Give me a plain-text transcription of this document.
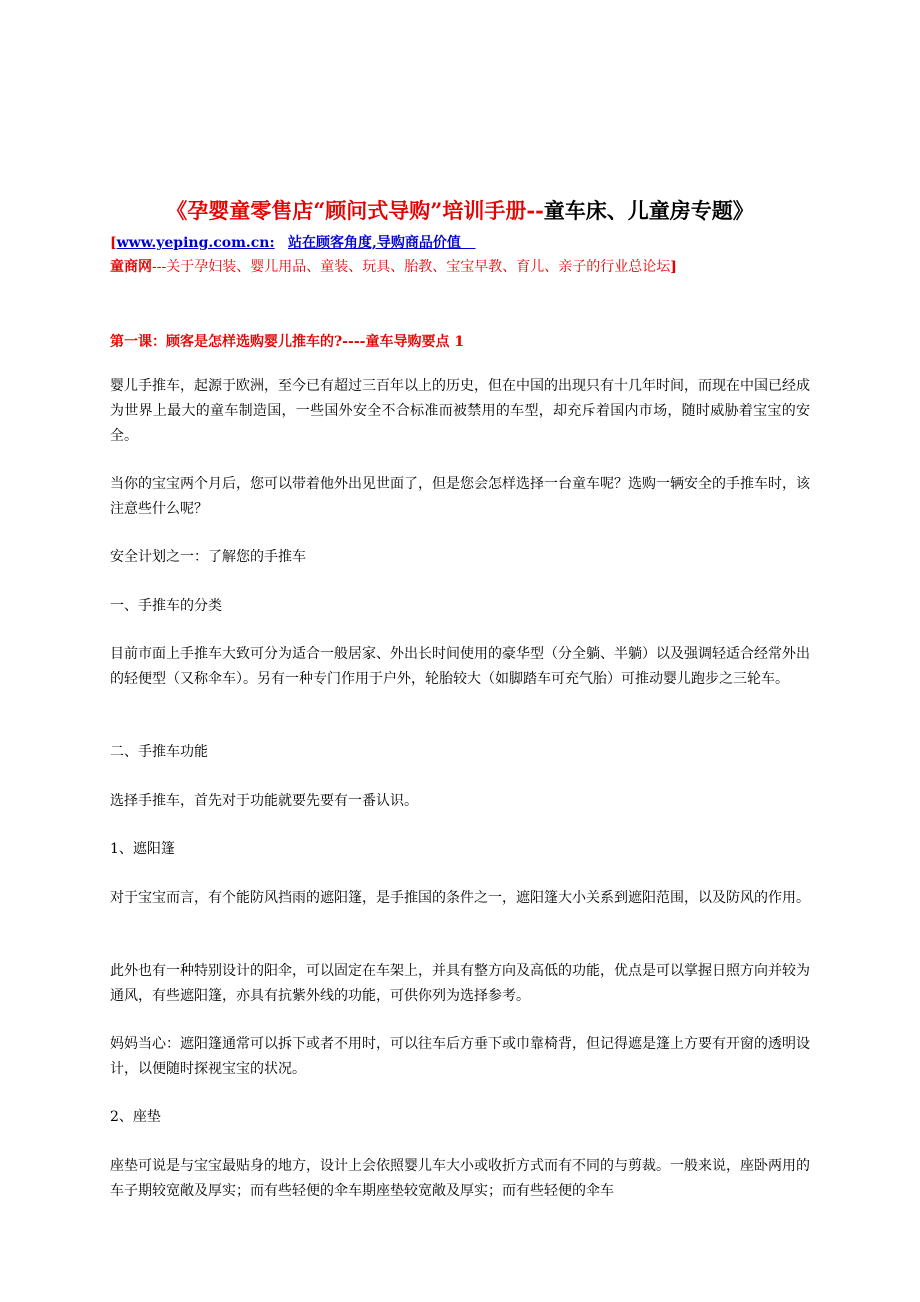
《孕婴童零售店“顾问式导购”培训手册--童车床、儿童房专题》
[www.yeping.com.cn: 站在顾客角度,导购商品价值
童商网---关于孕妇装、婴儿用品、童装、玩具、胎教、宝宝早教、育儿、亲子的行业总论坛]
第一课：顾客是怎样选购婴儿推车的?----童车导购要点 1

婴儿手推车，起源于欧洲，至今已有超过三百年以上的历史，但在中国的出现只有十几年时间，而现在中国已经成为世界上最大的童车制造国，一些国外安全不合标准而被禁用的车型，却充斥着国内市场，随时威胁着宝宝的安全。

当你的宝宝两个月后，您可以带着他外出见世面了，但是您会怎样选择一台童车呢？选购一辆安全的手推车时，该注意些什么呢？

安全计划之一：了解您的手推车

一、手推车的分类

目前市面上手推车大致可分为适合一般居家、外出长时间使用的豪华型（分全躺、半躺）以及强调轻适合经常外出的轻便型（又称伞车）。另有一种专门作用于户外，轮胎较大（如脚踏车可充气胎）可推动婴儿跑步之三轮车。

二、手推车功能

选择手推车，首先对于功能就要先要有一番认识。

1、遮阳篷

对于宝宝而言，有个能防风挡雨的遮阳篷，是手推国的条件之一，遮阳篷大小关系到遮阳范围，以及防风的作用。

此外也有一种特别设计的阳伞，可以固定在车架上，并具有整方向及高低的功能，优点是可以掌握日照方向并较为通风，有些遮阳篷，亦具有抗紫外线的功能，可供你列为选择参考。

妈妈当心：遮阳篷通常可以拆下或者不用时，可以往车后方垂下或巾靠椅背，但记得遮是篷上方要有开窗的透明设计，以便随时探视宝宝的状况。

2、座垫

座垫可说是与宝宝最贴身的地方，设计上会依照婴儿车大小或收折方式而有不同的与剪裁。一般来说，座卧两用的车子期较宽敞及厚实；而有些轻便的伞车期座垫较宽敞及厚实；而有些轻便的伞车
